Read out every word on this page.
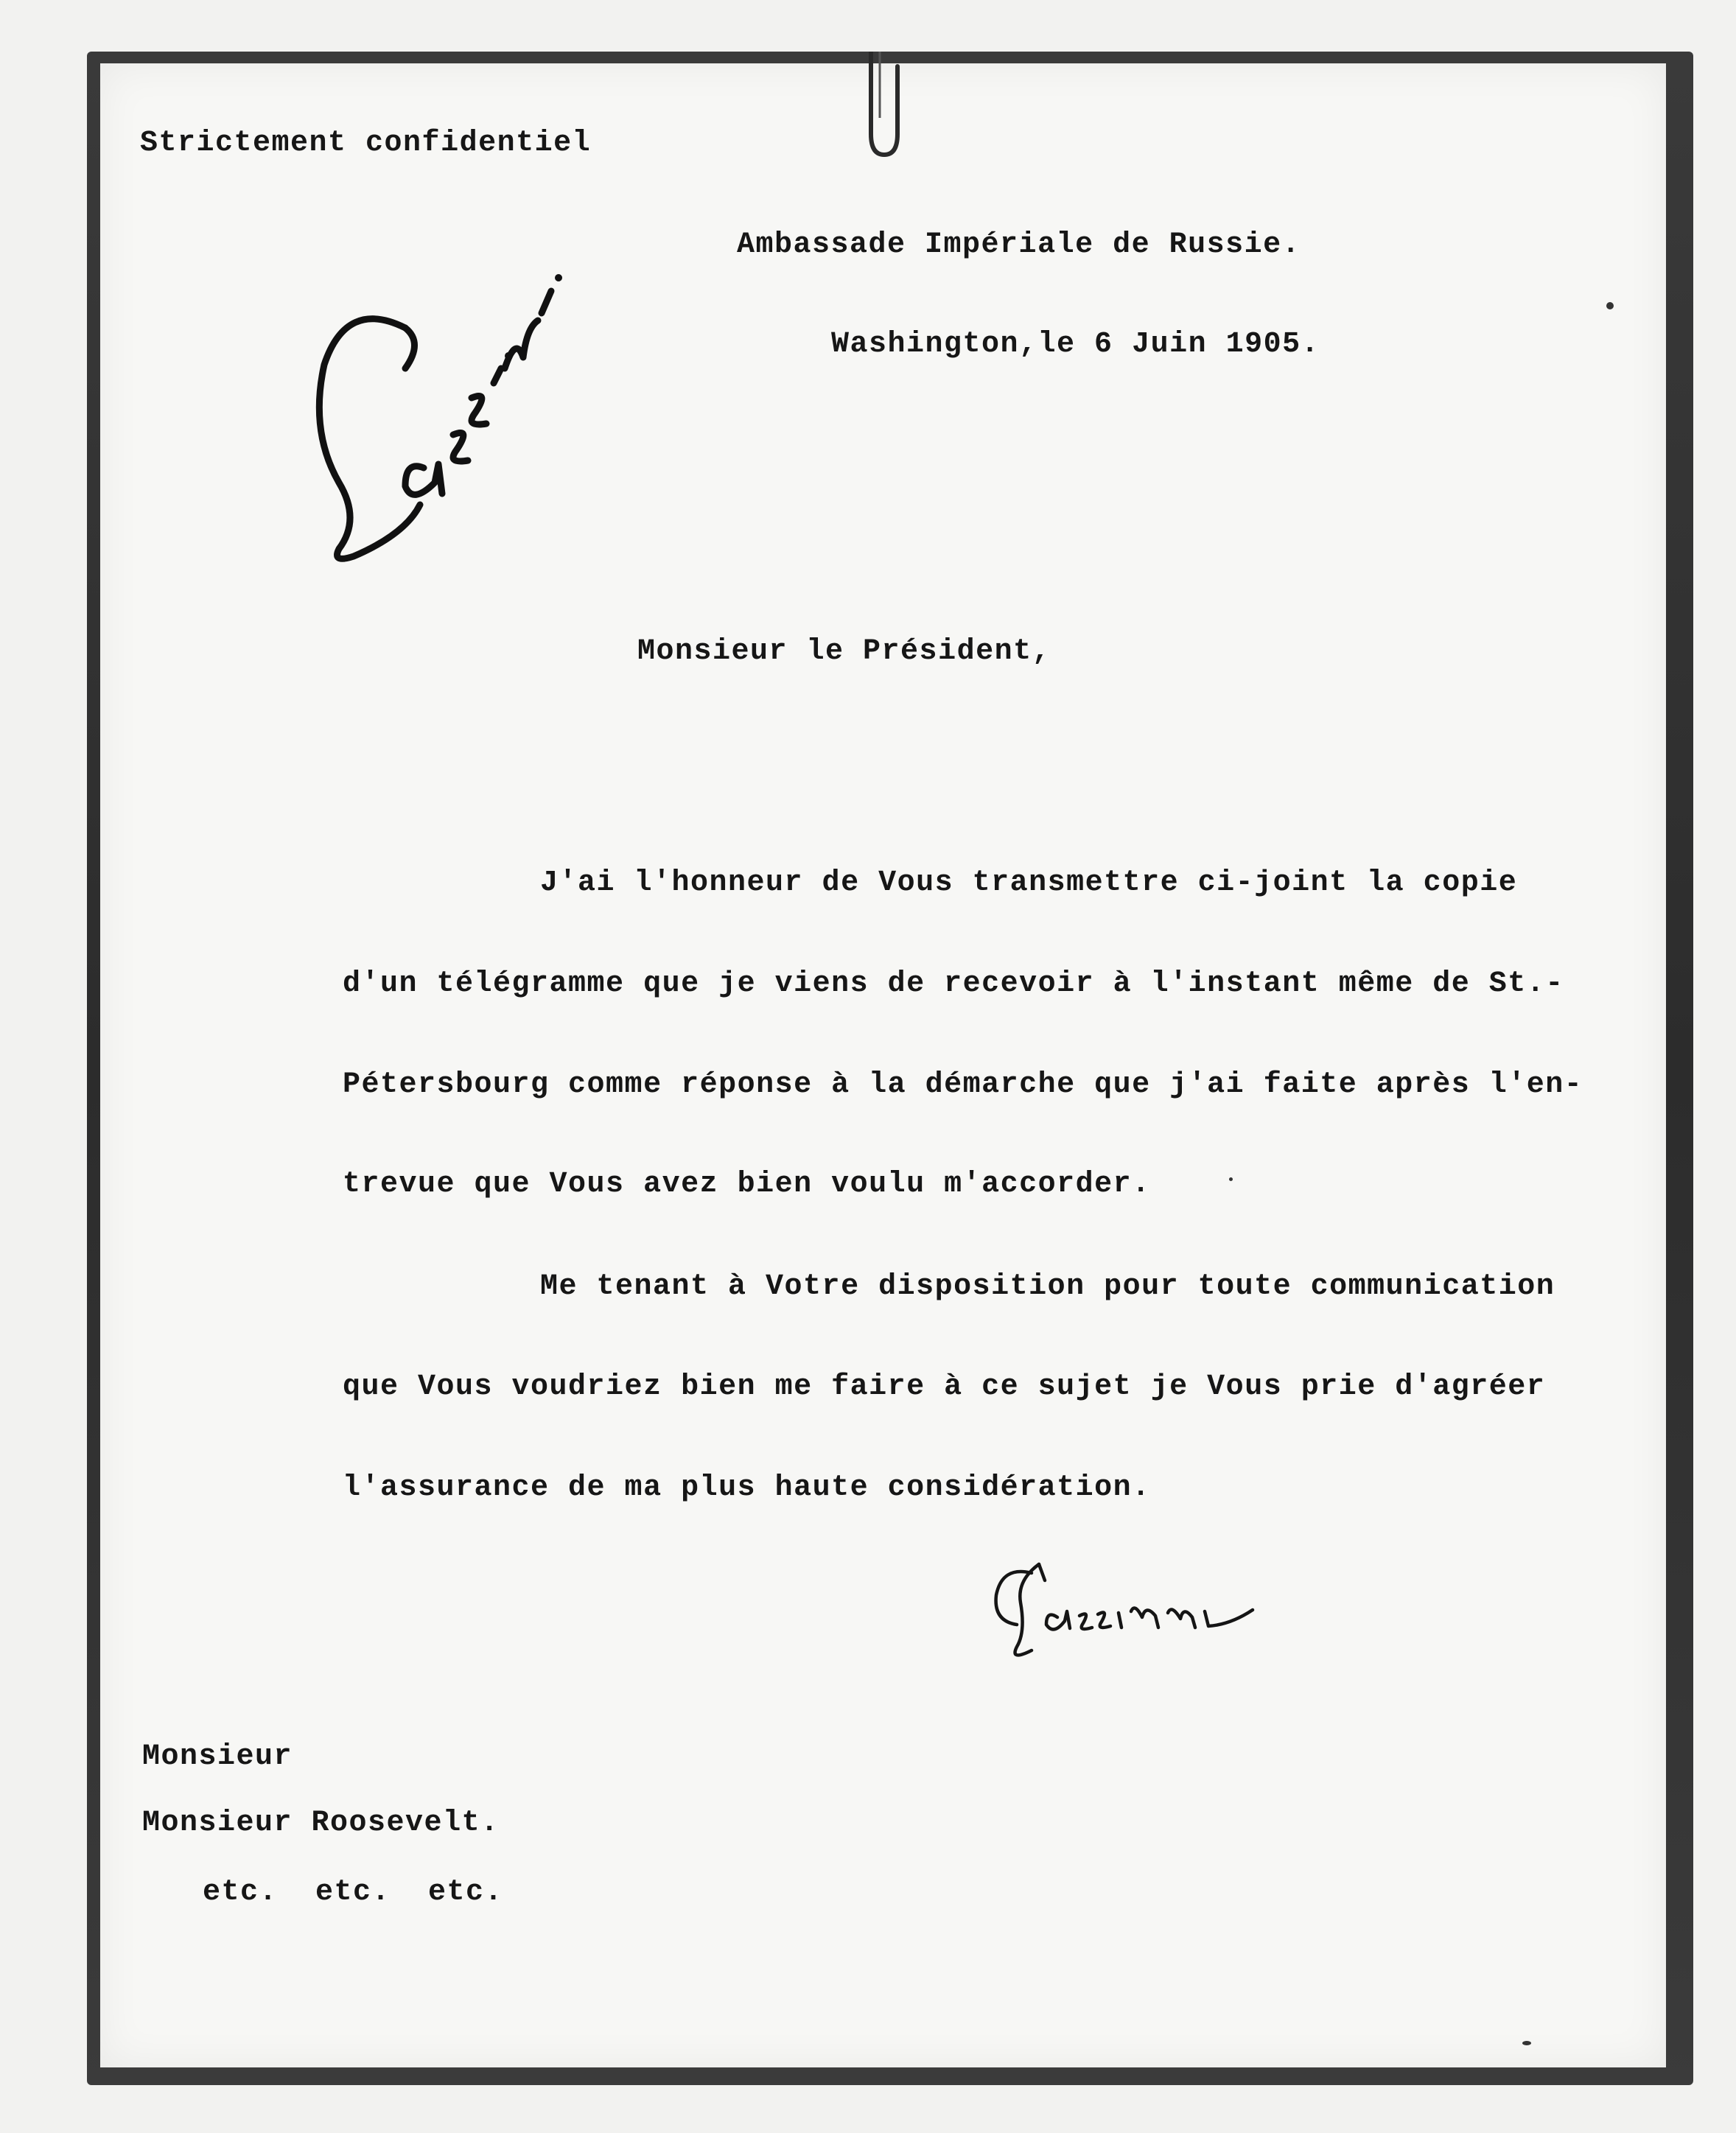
Strictement confidentiel

Ambassade Impériale de Russie.

Washington,le 6 Juin 1905.

Monsieur le Président,

J'ai l'honneur de Vous transmettre ci-joint la copie

d'un télégramme que je viens de recevoir à l'instant même de St.-

Pétersbourg comme réponse à la démarche que j'ai faite après l'en-

trevue que Vous avez bien voulu m'accorder.

Me tenant à Votre disposition pour toute communication

que Vous voudriez bien me faire à ce sujet je Vous prie d'agréer

l'assurance de ma plus haute considération.

Monsieur

Monsieur Roosevelt.

etc.  etc.  etc.
